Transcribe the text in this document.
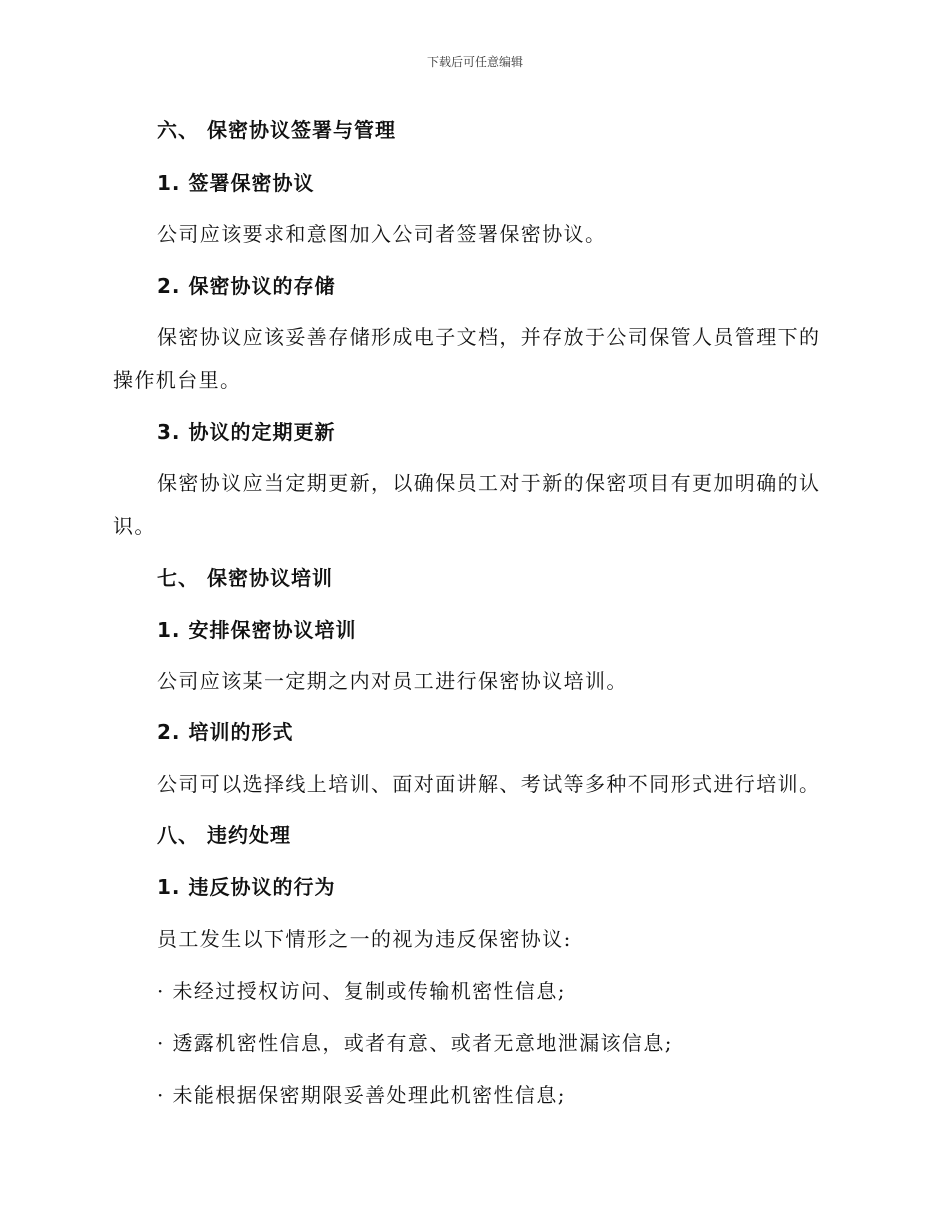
下载后可任意编辑
六、 保密协议签署与管理
1. 签署保密协议
公司应该要求和意图加入公司者签署保密协议。
2. 保密协议的存储
保密协议应该妥善存储形成电子文档，并存放于公司保管人员管理下的
操作机台里。
3. 协议的定期更新
保密协议应当定期更新，以确保员工对于新的保密项目有更加明确的认
识。
七、 保密协议培训
1. 安排保密协议培训
公司应该某一定期之内对员工进行保密协议培训。
2. 培训的形式
公司可以选择线上培训、面对面讲解、考试等多种不同形式进行培训。
八、 违约处理
1. 违反协议的行为
员工发生以下情形之一的视为违反保密协议:
· 未经过授权访问、复制或传输机密性信息;
· 透露机密性信息，或者有意、或者无意地泄漏该信息;
· 未能根据保密期限妥善处理此机密性信息;
